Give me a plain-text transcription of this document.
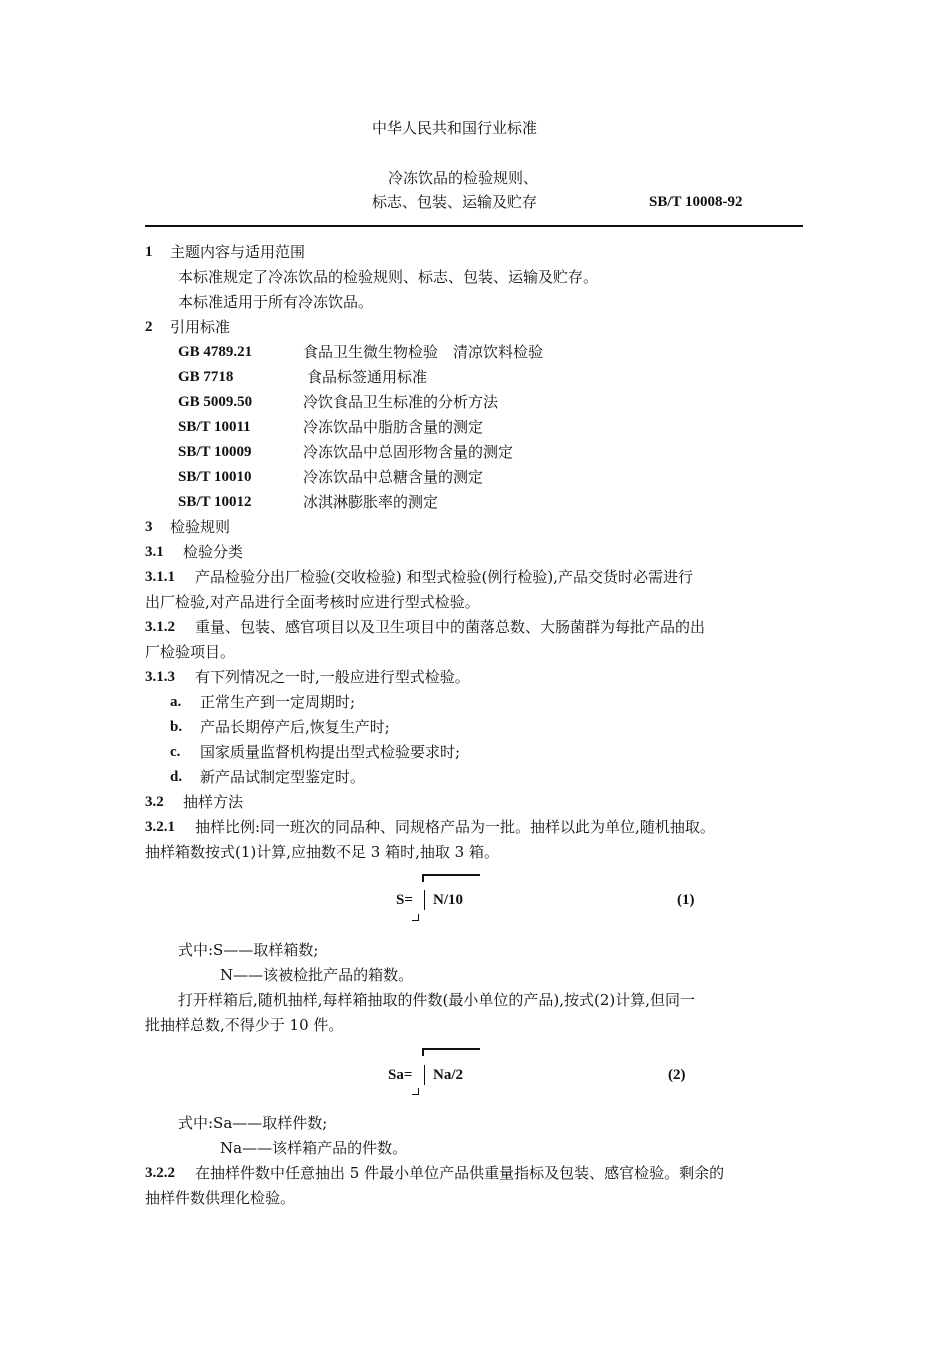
中华人民共和国行业标准
冷冻饮品的检验规则、
标志、包装、运输及贮存	SB/T 10008-92
1 主题内容与适用范围
本标准规定了冷冻饮品的检验规则、标志、包装、运输及贮存。
本标准适用于所有冷冻饮品。
2 引用标准
GB 4789.21	食品卫生微生物检验　清凉饮料检验
GB 7718	食品标签通用标准
GB 5009.50	冷饮食品卫生标准的分析方法
SB/T 10011	冷冻饮品中脂肪含量的测定
SB/T 10009	冷冻饮品中总固形物含量的测定
SB/T 10010	冷冻饮品中总糖含量的测定
SB/T 10012	冰淇淋膨胀率的测定
3 检验规则
3.1 检验分类
3.1.1 产品检验分出厂检验(交收检验) 和型式检验(例行检验),产品交货时必需进行
出厂检验,对产品进行全面考核时应进行型式检验。
3.1.2 重量、包装、感官项目以及卫生项目中的菌落总数、大肠菌群为每批产品的出
厂检验项目。
3.1.3 有下列情况之一时,一般应进行型式检验。
a. 正常生产到一定周期时;
b. 产品长期停产后,恢复生产时;
c. 国家质量监督机构提出型式检验要求时;
d. 新产品试制定型鉴定时。
3.2 抽样方法
3.2.1 抽样比例:同一班次的同品种、同规格产品为一批。抽样以此为单位,随机抽取。
抽样箱数按式(1)计算,应抽数不足 3 箱时,抽取 3 箱。
S= N/10	(1)
式中:S——取样箱数;
N——该被检批产品的箱数。
打开样箱后,随机抽样,每样箱抽取的件数(最小单位的产品),按式(2)计算,但同一
批抽样总数,不得少于 10 件。
Sa= Na/2	(2)
式中:Sa——取样件数;
Na——该样箱产品的件数。
3.2.2 在抽样件数中任意抽出 5 件最小单位产品供重量指标及包装、感官检验。剩余的
抽样件数供理化检验。
